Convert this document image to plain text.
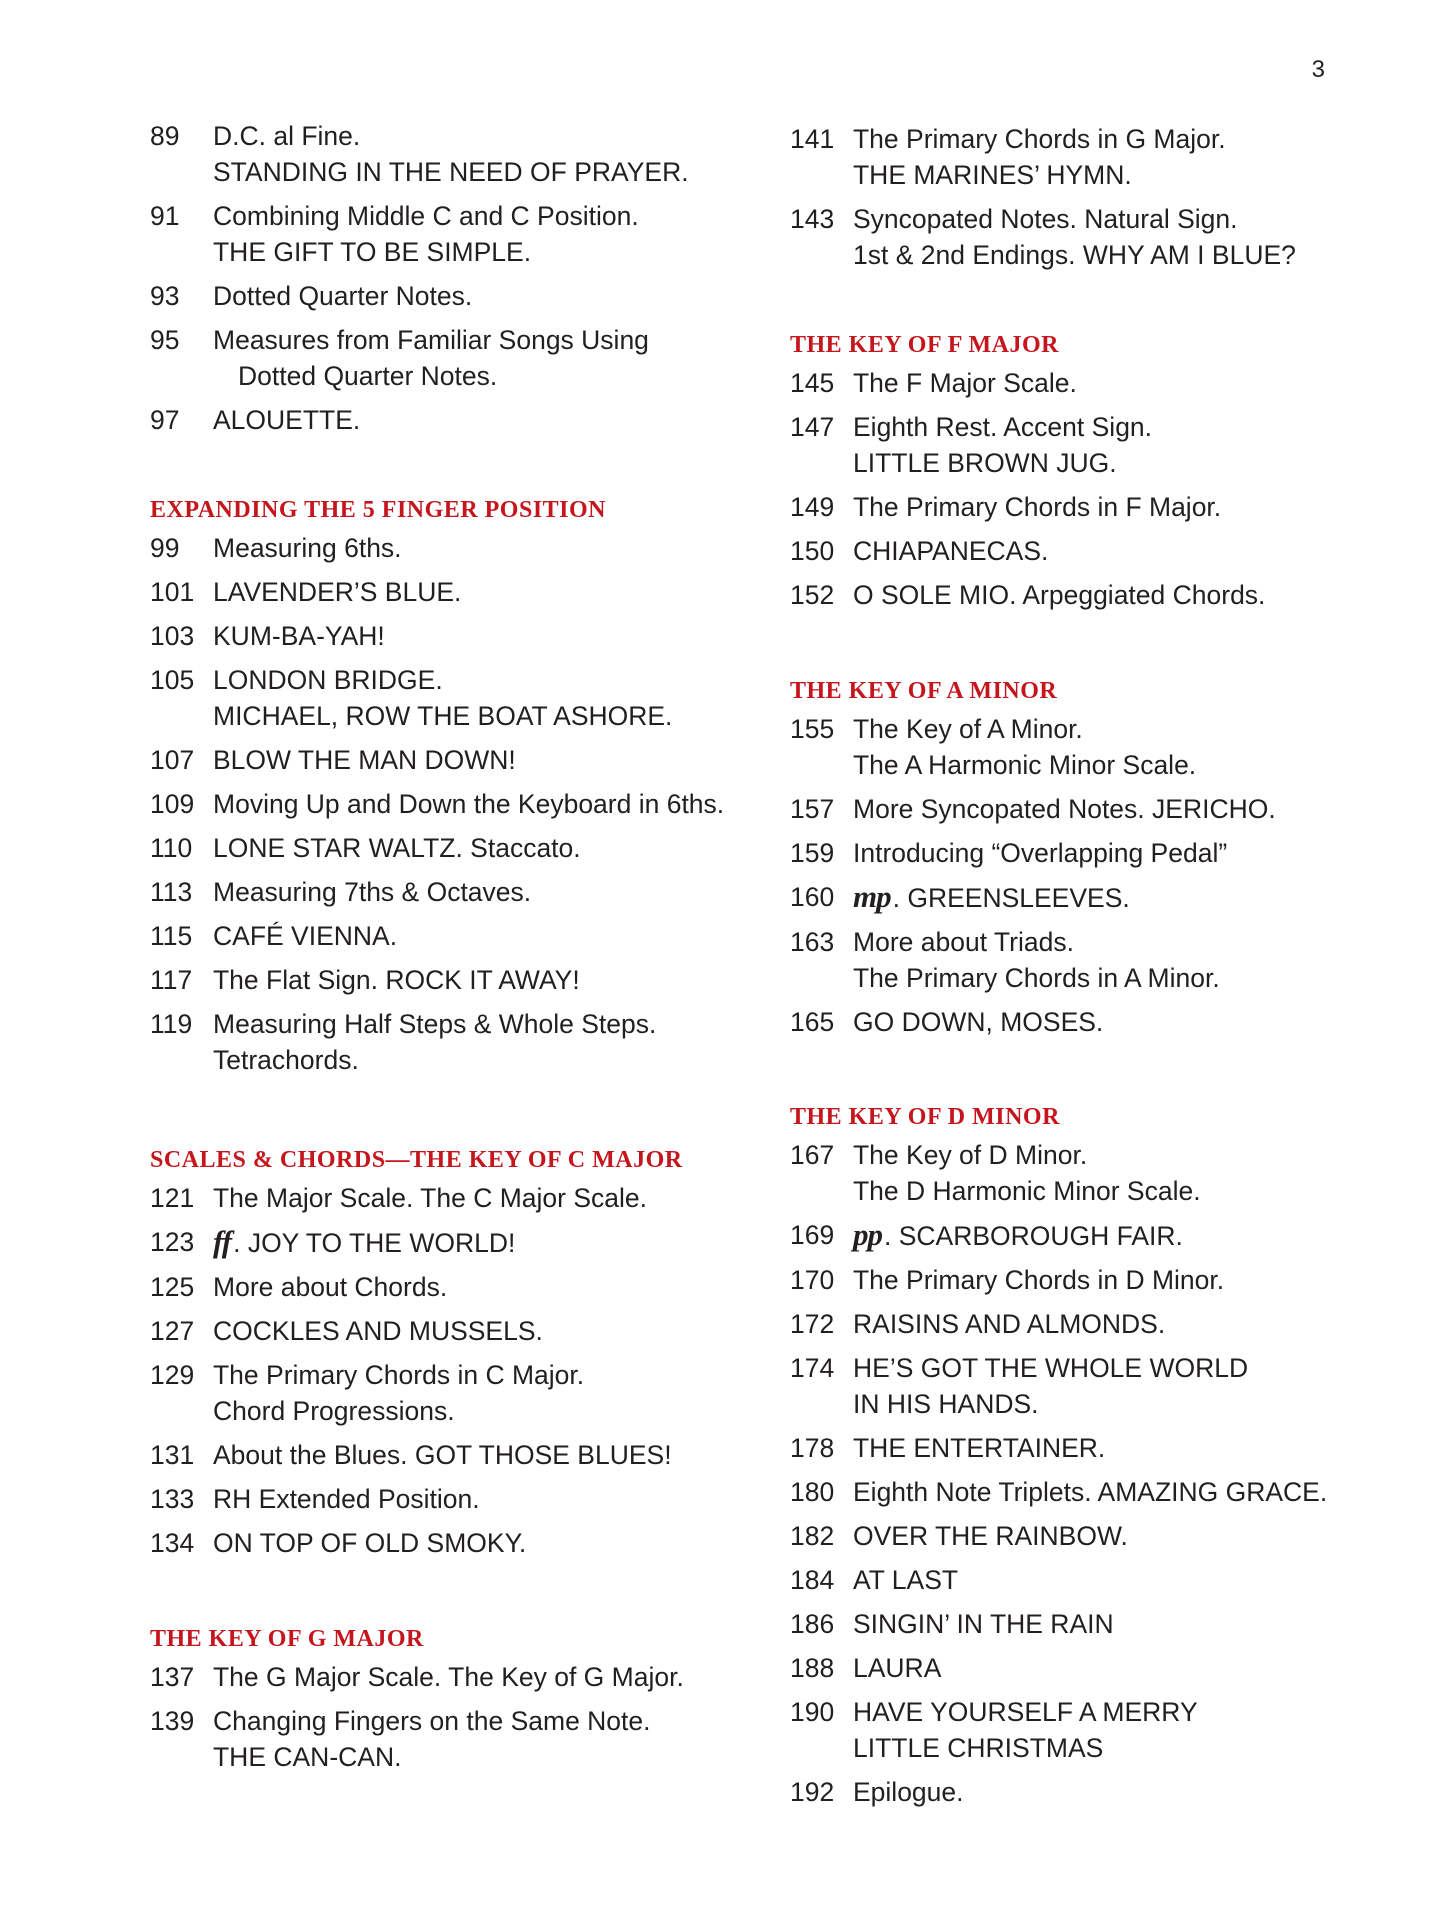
3
89	D.C. al Fine.
STANDING IN THE NEED OF PRAYER.
91	Combining Middle C and C Position.
THE GIFT TO BE SIMPLE.
93	Dotted Quarter Notes.
95	Measures from Familiar Songs Using
Dotted Quarter Notes.
97	ALOUETTE.
EXPANDING THE 5 FINGER POSITION
99	Measuring 6ths.
101 LAVENDER’S BLUE.
103 KUM-BA-YAH!
105 LONDON BRIDGE.
MICHAEL, ROW THE BOAT ASHORE.
107 BLOW THE MAN DOWN!
109 Moving Up and Down the Keyboard in 6ths.
110 LONE STAR WALTZ. Staccato.
113 Measuring 7ths & Octaves.
115 CAFÉ VIENNA.
117 The Flat Sign. ROCK IT AWAY!
119 Measuring Half Steps & Whole Steps.
Tetrachords.
SCALES & CHORDS—THE KEY OF C MAJOR
121 The Major Scale. The C Major Scale.
123 ff. JOY TO THE WORLD!
125 More about Chords.
127 COCKLES AND MUSSELS.
129 The Primary Chords in C Major.
Chord Progressions.
131 About the Blues. GOT THOSE BLUES!
133 RH Extended Position.
134 ON TOP OF OLD SMOKY.
THE KEY OF G MAJOR
137 The G Major Scale. The Key of G Major.
139 Changing Fingers on the Same Note.
THE CAN-CAN.
141 The Primary Chords in G Major.
THE MARINES’ HYMN.
143 Syncopated Notes. Natural Sign.
1st & 2nd Endings. WHY AM I BLUE?
THE KEY OF F MAJOR
145 The F Major Scale.
147 Eighth Rest. Accent Sign.
LITTLE BROWN JUG.
149 The Primary Chords in F Major.
150 CHIAPANECAS.
152 O SOLE MIO. Arpeggiated Chords.
THE KEY OF A MINOR
155 The Key of A Minor.
The A Harmonic Minor Scale.
157 More Syncopated Notes. JERICHO.
159 Introducing “Overlapping Pedal”
160 mp. GREENSLEEVES.
163 More about Triads.
The Primary Chords in A Minor.
165 GO DOWN, MOSES.
THE KEY OF D MINOR
167 The Key of D Minor.
The D Harmonic Minor Scale.
169 pp. SCARBOROUGH FAIR.
170 The Primary Chords in D Minor.
172 RAISINS AND ALMONDS.
174 HE’S GOT THE WHOLE WORLD
IN HIS HANDS.
178 THE ENTERTAINER.
180 Eighth Note Triplets. AMAZING GRACE.
182 OVER THE RAINBOW.
184 AT LAST
186 SINGIN’ IN THE RAIN
188 LAURA
190 HAVE YOURSELF A MERRY
LITTLE CHRISTMAS
192 Epilogue.
